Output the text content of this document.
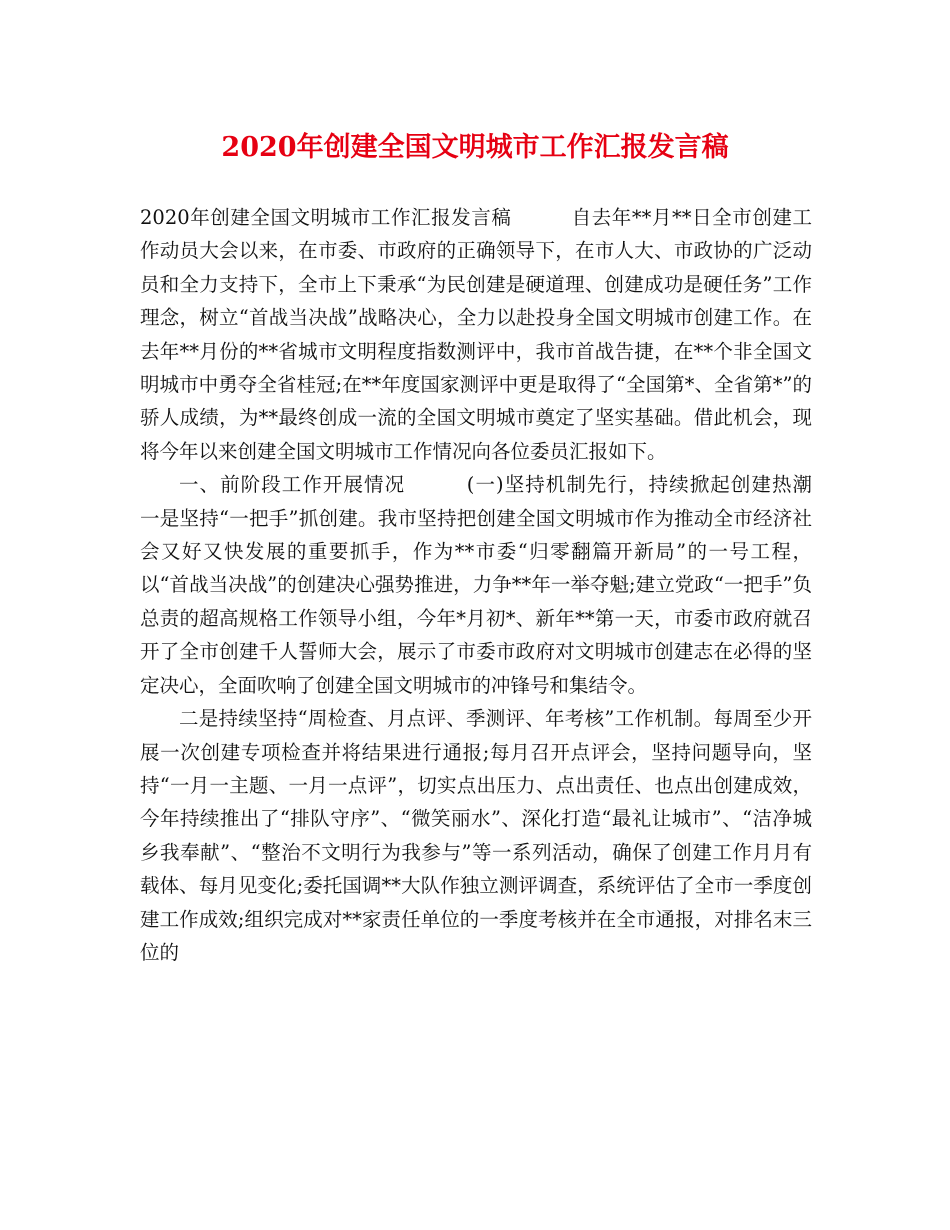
2020年创建全国文明城市工作汇报发言稿

2020年创建全国文明城市工作汇报发言稿　　　自去年**月**日全市创建工作动员大会以来，在市委、市政府的正确领导下，在市人大、市政协的广泛动员和全力支持下，全市上下秉承“为民创建是硬道理、创建成功是硬任务”工作理念，树立“首战当决战”战略决心，全力以赴投身全国文明城市创建工作。在去年**月份的**省城市文明程度指数测评中，我市首战告捷，在**个非全国文明城市中勇夺全省桂冠;在**年度国家测评中更是取得了“全国第*、全省第*”的骄人成绩，为**最终创成一流的全国文明城市奠定了坚实基础。借此机会，现将今年以来创建全国文明城市工作情况向各位委员汇报如下。

一、前阶段工作开展情况　　　(一)坚持机制先行，持续掀起创建热潮　　　一是坚持“一把手”抓创建。我市坚持把创建全国文明城市作为推动全市经济社会又好又快发展的重要抓手，作为**市委“归零翻篇开新局”的一号工程，以“首战当决战”的创建决心强势推进，力争**年一举夺魁;建立党政“一把手”负总责的超高规格工作领导小组，今年*月初*、新年**第一天，市委市政府就召开了全市创建千人誓师大会，展示了市委市政府对文明城市创建志在必得的坚定决心，全面吹响了创建全国文明城市的冲锋号和集结令。

二是持续坚持“周检查、月点评、季测评、年考核”工作机制。每周至少开展一次创建专项检查并将结果进行通报;每月召开点评会，坚持问题导向，坚持“一月一主题、一月一点评”，切实点出压力、点出责任、也点出创建成效，今年持续推出了“排队守序”、“微笑丽水”、深化打造“最礼让城市”、“洁净城乡我奉献”、“整治不文明行为我参与”等一系列活动，确保了创建工作月月有载体、每月见变化;委托国调**大队作独立测评调查，系统评估了全市一季度创建工作成效;组织完成对**家责任单位的一季度考核并在全市通报，对排名末三位的
